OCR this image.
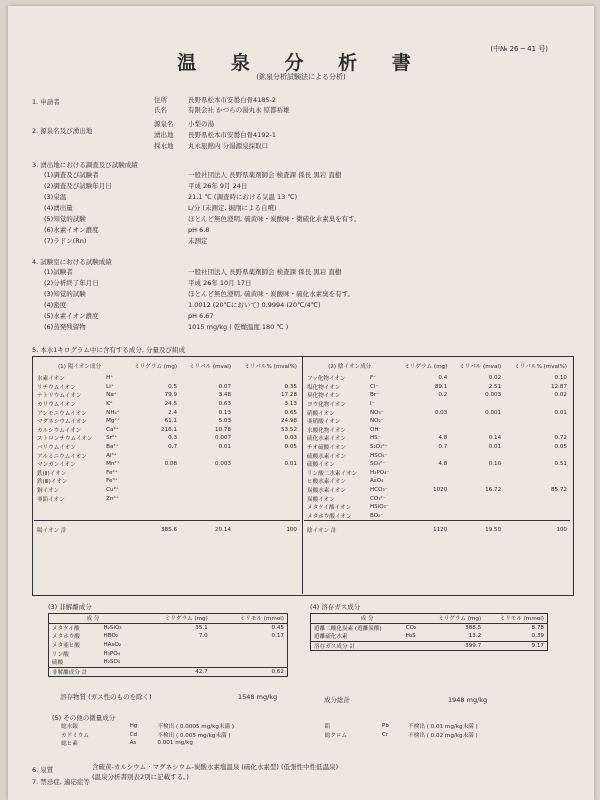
(中№ 26 ─ 41 号)
温 泉 分 析 書
(鉱泉分析試験法による分析)
1. 申請者	住所	長野県松本市安曇白骨4185-2
氏名	有限会社 かつらの湯丸永 原都裕雄
2. 源泉名及び湧出地
源泉名 小梨の湯
湧出地 長野県松本市安曇白骨4192-1
採水地 丸永旅館内 分湯源泉採取口
3. 湧出地における調査及び試験成績
(1)調査及び試験者	一般社団法人 長野県薬剤師会 検査課 係長 黒岩 直樹
(2)調査及び試験年月日	平成 26年 9月 24日
(3)泉温	21.1 ℃ (調査時における気温 13 ℃)
(4)湧出量	L/分 (未測定, 掘削による自噴)
(5)知覚的試験	ほとんど無色澄明, 硫黄味・炭酸味・微硫化水素臭を有す。
(6)水素イオン濃度	pH 6.8
(7)ラドン(Rn)	未測定
4. 試験室における試験成績
(1)試験者	一般社団法人 長野県薬剤師会 検査課 係長 黒岩 直樹
(2)分析終了年月日	平成 26年 10月 17日
(3)知覚的試験	ほとんど無色澄明, 硫黄味・炭酸味・硫化水素臭を有す。
(4)密度	1.0012 (20℃において) 0.9994 (20℃/4℃)
(5)水素イオン濃度	pH 6.67
(6)蒸発残留物	1015 mg/kg ( 乾燥温度 180 ℃ )
5. 本水1キログラム中に含有する成分, 分量及び組成
(1) 陽イオン成分		ミリグラム (mg)	ミリバル (mval)	ミリバル% (mval%)
水素イオン	H⁺			
リチウムイオン	Li⁺	0.5	0.07	0.35
ナトリウムイオン	Na⁺	79.9	3.48	17.28
カリウムイオン	K⁺	24.5	0.63	3.13
アンモニウムイオン	NH₄⁺	2.4	0.13	0.65
マグネシウムイオン	Mg²⁺	61.1	5.03	24.98
カルシウムイオン	Ca²⁺	216.1	10.78	53.52
ストロンチウムイオン	Sr²⁺	0.3	0.007	0.03
バリウムイオン	Ba²⁺	0.7	0.01	0.05
アルミニウムイオン	Al³⁺			
マンガンイオン	Mn²⁺	0.08	0.003	0.01
鉄(Ⅱ)イオン	Fe²⁺			
鉄(Ⅲ)イオン	Fe³⁺			
銅イオン	Cu²⁺			
亜鉛イオン	Zn²⁺			

陽イオン 計		385.6	20.14	100
(2) 陰イオン成分		ミリグラム (mg)	ミリバル (mval)	ミリバル% (mval%)
フッ化物イオン	F⁻	0.4	0.02	0.10
塩化物イオン	Cl⁻	89.1	2.51	12.87
臭化物イオン	Br⁻	0.2	0.003	0.02
ヨウ化物イオン	I⁻			
硝酸イオン	NO₃⁻	0.03	0.001	0.01
亜硝酸イオン	NO₂⁻			
水酸化物イオン	OH⁻			
硫化水素イオン	HS⁻	4.8	0.14	0.72
チオ硫酸イオン	S₂O₃²⁻	0.7	0.01	0.05
硫酸水素イオン	HSO₄⁻			
硫酸イオン	SO₄²⁻	4.8	0.10	0.51
リン酸二水素イオン	H₂PO₄⁻			
ヒ酸水素イオン	AsO₄			
炭酸水素イオン	HCO₃⁻	1020	16.72	85.72
炭酸イオン	CO₃²⁻			
メタケイ酸イオン	HSiO₃⁻			
メタホウ酸イオン	BO₂⁻			
陰イオン 計		1120	19.50	100
(3) 非解離成分
成 分		ミリグラム (mg)	ミリモル (mmol)
メタケイ酸	H₂SiO₃	35.1	0.45
メタホウ酸	HBO₂	7.0	0.17
メタ亜ヒ酸	HAsO₂		
リン酸	H₃PO₄		
硫酸	H₂SO₄		
非解離成分 計		42.7	0.62
溶存物質 (ガス性のものを除く)	1548 mg/kg
(4) 溶存ガス成分
成 分		ミリグラム (mg)	ミリモル (mmol)
遊離二酸化炭素 (遊離炭酸)	CO₂	388.5	8.78
遊離硫化水素	H₂S	13.2	0.39
溶存ガス成分 計		399.7	9.17
成分総計	1948 mg/kg
(5) その他の微量成分
総水銀	Hg	不検出 ( 0.0005 mg/kg未満 )	鉛	Pb	不検出 ( 0.01 mg/kg未満 )
カドミウム	Cd	不検出 ( 0.005 mg/kg未満 )	総クロム	Cr	不検出 ( 0.02 mg/kg未満 )
総ヒ素	As	0.001 mg/kg			
6. 泉質	含硫黄-カルシウム・マグネシウム-炭酸水素塩温泉 (硫化水素型) (低張性中性低温泉)
(温泉分析書別表2別に記載する。)
7. 禁忌症, 適応症等
